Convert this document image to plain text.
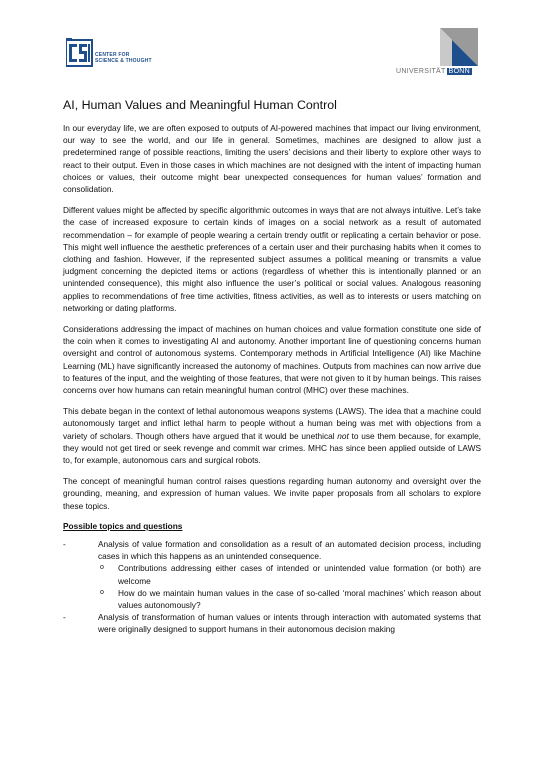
CENTER FOR
SCIENCE & THOUGHT
UNIVERSITÄT BONN
AI, Human Values and Meaningful Human Control

In our everyday life, we are often exposed to outputs of AI-powered machines that impact our living environment, our way to see the world, and our life in general. Sometimes, machines are designed to allow just a predetermined range of possible reactions, limiting the users’ decisions and their liberty to explore other ways to react to their output. Even in those cases in which machines are not designed with the intent of impacting human choices or values, their outcome might bear unexpected consequences for human values’ formation and consolidation.

Different values might be affected by specific algorithmic outcomes in ways that are not always intuitive. Let’s take the case of increased exposure to certain kinds of images on a social network as a result of automated recommendation – for example of people wearing a certain trendy outfit or replicating a certain behavior or pose. This might well influence the aesthetic preferences of a certain user and their purchasing habits when it comes to clothing and fashion. However, if the represented subject assumes a political meaning or transmits a value judgment concerning the depicted items or actions (regardless of whether this is intentionally planned or an unintended consequence), this might also influence the user’s political or social values. Analogous reasoning applies to recommendations of free time activities, fitness activities, as well as to interests or users matching on networking or dating platforms.

Considerations addressing the impact of machines on human choices and value formation constitute one side of the coin when it comes to investigating AI and autonomy. Another important line of questioning concerns human oversight and control of autonomous systems. Contemporary methods in Artificial Intelligence (AI) like Machine Learning (ML) have significantly increased the autonomy of machines. Outputs from machines can now arrive due to features of the input, and the weighting of those features, that were not given to it by human beings. This raises concerns over how humans can retain meaningful human control (MHC) over these machines.

This debate began in the context of lethal autonomous weapons systems (LAWS). The idea that a machine could autonomously target and inflict lethal harm to people without a human being was met with objections from a variety of scholars. Though others have argued that it would be unethical not to use them because, for example, they would not get tired or seek revenge and commit war crimes. MHC has since been applied outside of LAWS to, for example, autonomous cars and surgical robots.

The concept of meaningful human control raises questions regarding human autonomy and oversight over the grounding, meaning, and expression of human values. We invite paper proposals from all scholars to explore these topics.

Possible topics and questions
- Analysis of value formation and consolidation as a result of an automated decision process, including cases in which this happens as an unintended consequence.
o Contributions addressing either cases of intended or unintended value formation (or both) are welcome
o How do we maintain human values in the case of so-called ‘moral machines’ which reason about values autonomously?
- Analysis of transformation of human values or intents through interaction with automated systems that were originally designed to support humans in their autonomous decision making
